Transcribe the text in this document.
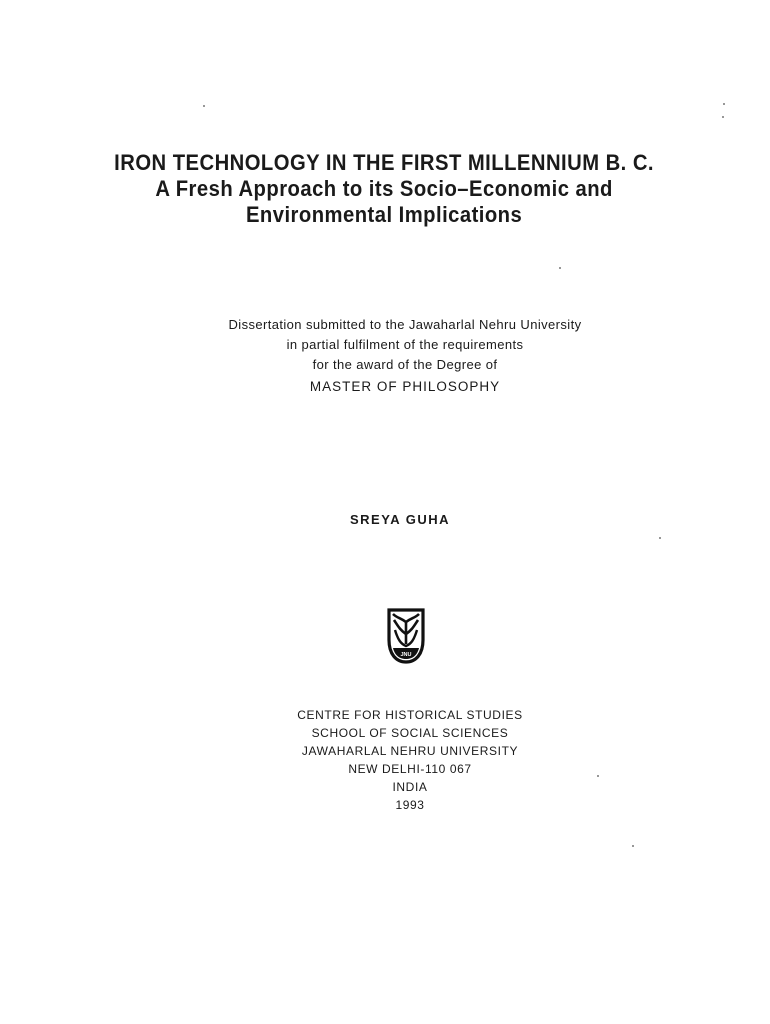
IRON TECHNOLOGY IN THE FIRST MILLENNIUM B. C.

A Fresh Approach to its Socio–Economic and

Environmental Implications

Dissertation submitted to the Jawaharlal Nehru University
in partial fulfilment of the requirements
for the award of the Degree of
MASTER OF PHILOSOPHY
SREYA GUHA
JNU
CENTRE FOR HISTORICAL STUDIES
SCHOOL OF SOCIAL SCIENCES
JAWAHARLAL NEHRU UNIVERSITY
NEW DELHI-110 067
INDIA
1993
